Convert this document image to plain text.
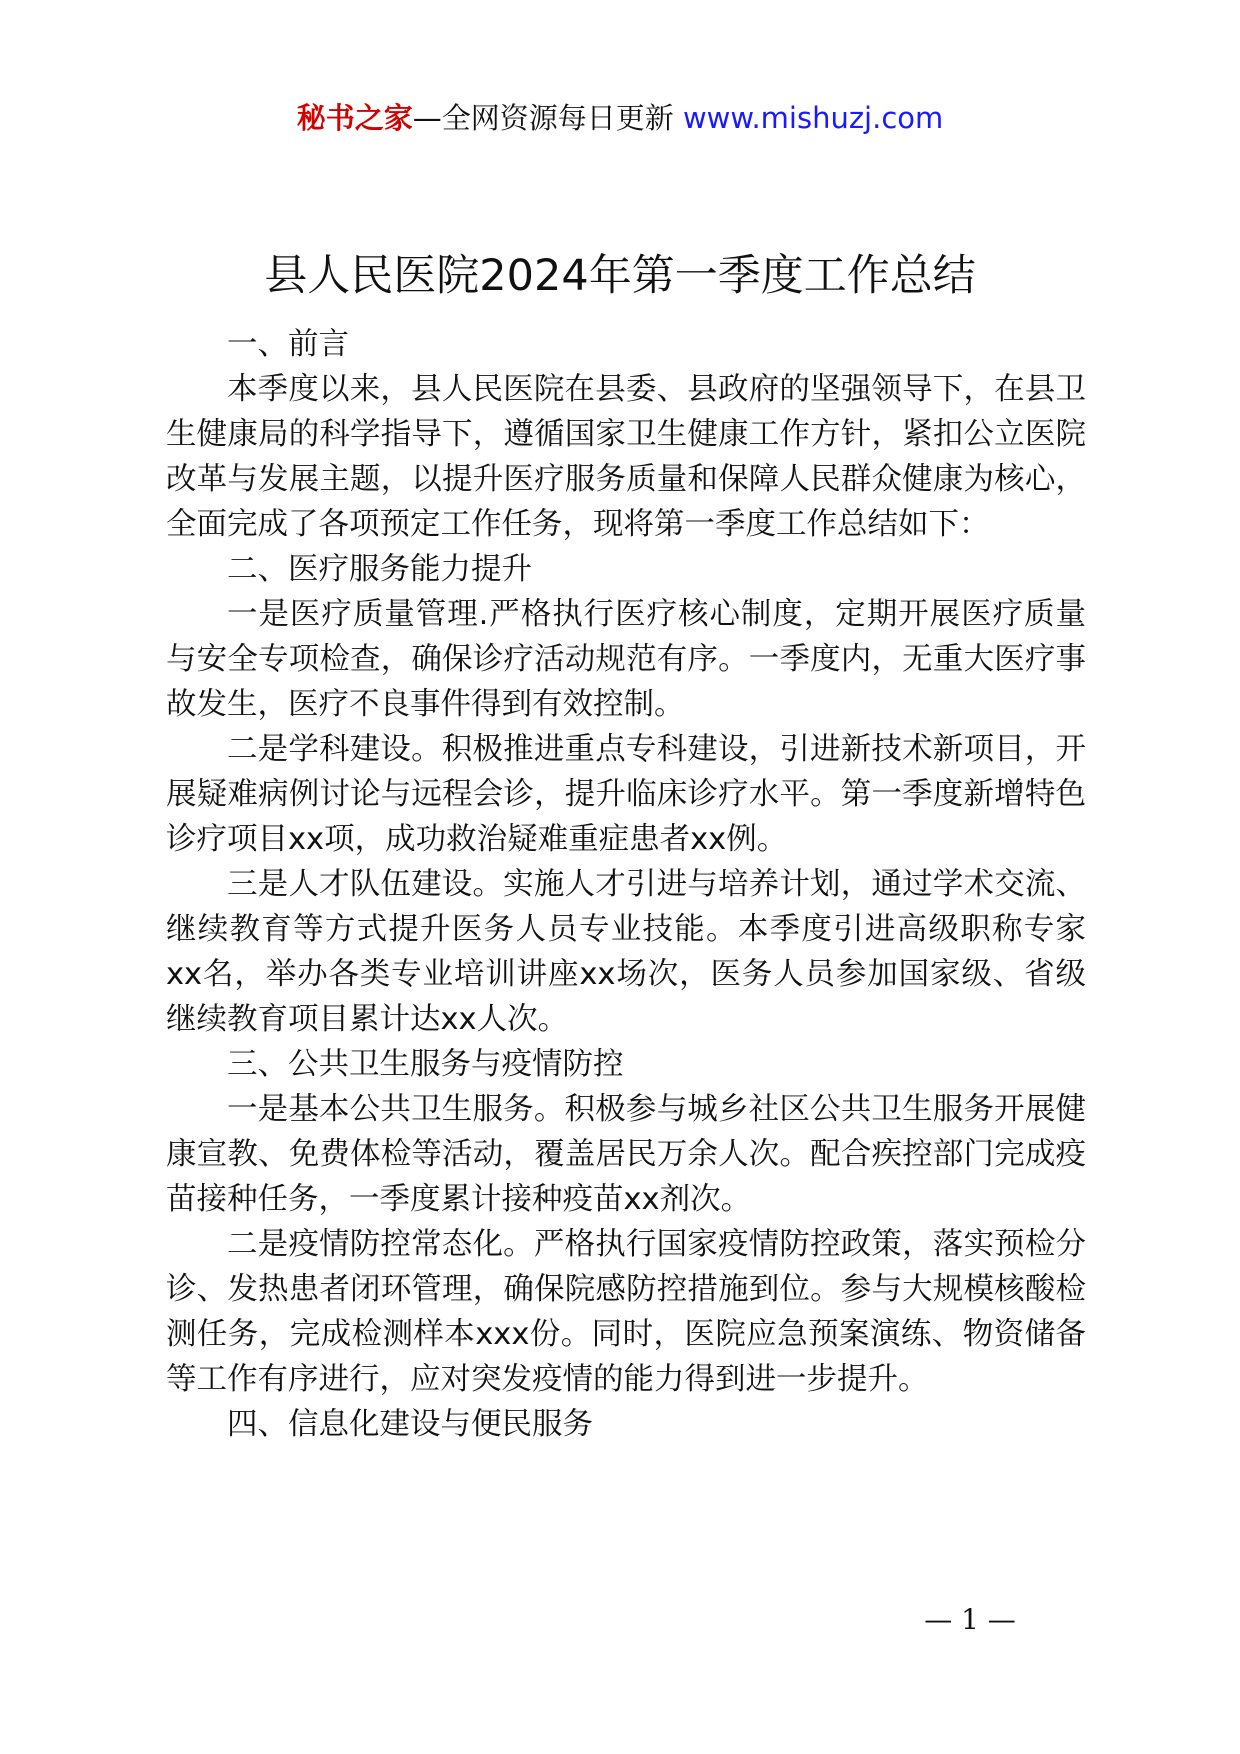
秘书之家—全网资源每日更新 www.mishuzj.com
县人民医院2024年第一季度工作总结

一、前言

本季度以来，县人民医院在县委、县政府的坚强领导下，在县卫生健康局的科学指导下，遵循国家卫生健康工作方针，紧扣公立医院改革与发展主题，以提升医疗服务质量和保障人民群众健康为核心，全面完成了各项预定工作任务，现将第一季度工作总结如下：

二、医疗服务能力提升

一是医疗质量管理.严格执行医疗核心制度，定期开展医疗质量与安全专项检查，确保诊疗活动规范有序。一季度内，无重大医疗事故发生，医疗不良事件得到有效控制。

二是学科建设。积极推进重点专科建设，引进新技术新项目，开展疑难病例讨论与远程会诊，提升临床诊疗水平。第一季度新增特色诊疗项目xx项，成功救治疑难重症患者xx例。

三是人才队伍建设。实施人才引进与培养计划，通过学术交流、继续教育等方式提升医务人员专业技能。本季度引进高级职称专家xx名，举办各类专业培训讲座xx场次，医务人员参加国家级、省级继续教育项目累计达xx人次。

三、公共卫生服务与疫情防控

一是基本公共卫生服务。积极参与城乡社区公共卫生服务开展健康宣教、免费体检等活动，覆盖居民万余人次。配合疾控部门完成疫苗接种任务，一季度累计接种疫苗xx剂次。

二是疫情防控常态化。严格执行国家疫情防控政策，落实预检分诊、发热患者闭环管理，确保院感防控措施到位。参与大规模核酸检测任务，完成检测样本xxx份。同时，医院应急预案演练、物资储备等工作有序进行，应对突发疫情的能力得到进一步提升。

四、信息化建设与便民服务

— 1 —
